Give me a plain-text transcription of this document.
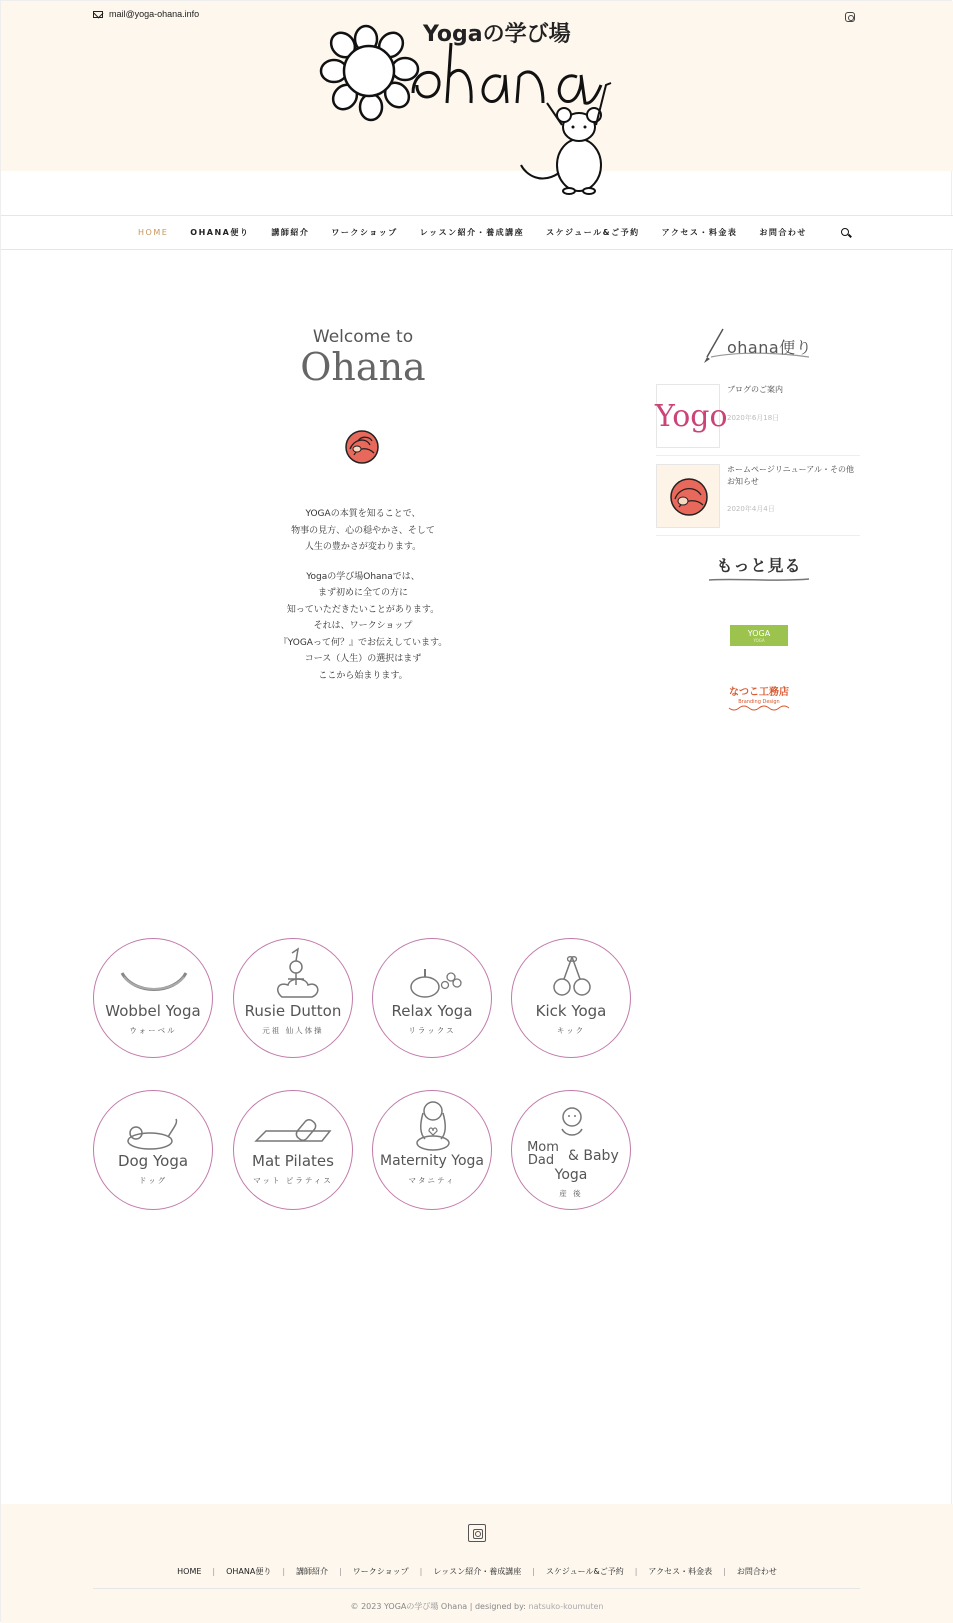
mail@yoga-ohana.info
Yogaの学び場
HOME	OHANA便り	講師紹介	ワークショップ	レッスン紹介・養成講座	スケジュール&ご予約	アクセス・料金表	お問合わせ
Welcome to
Ohana

YOGAの本質を知ることで、
物事の見方、心の穏やかさ、そして
人生の豊かさが変わります。

Yogaの学び場Ohanaでは、
まず初めに全ての方に
知っていただきたいことがあります。
それは、ワークショップ
『YOGAって何？』でお伝えしています。
コース（人生）の選択はまず
ここから始まります。

ohana便り
Yogo
ブログのご案内
2020年6月18日
ホームページリニューアル・その他お知らせ
2020年4月4日
もっと見る
YOGA
YOGA
なつこ工務店
Branding Design
Wobbel Yoga
ウォーベル
Rusie Dutton
元祖 仙人体操
Relax Yoga
リラックス
Kick Yoga
キック
Dog Yoga
ドッグ
Mat Pilates
マット ピラティス
Maternity Yoga
マタニティ
Mom
Dad & Baby
Yoga
産 後
HOME | OHANA便り | 講師紹介 | ワークショップ | レッスン紹介・養成講座 | スケジュール&ご予約 | アクセス・料金表 | お問合わせ
© 2023 YOGAの学び場 Ohana | designed by: natsuko-koumuten
